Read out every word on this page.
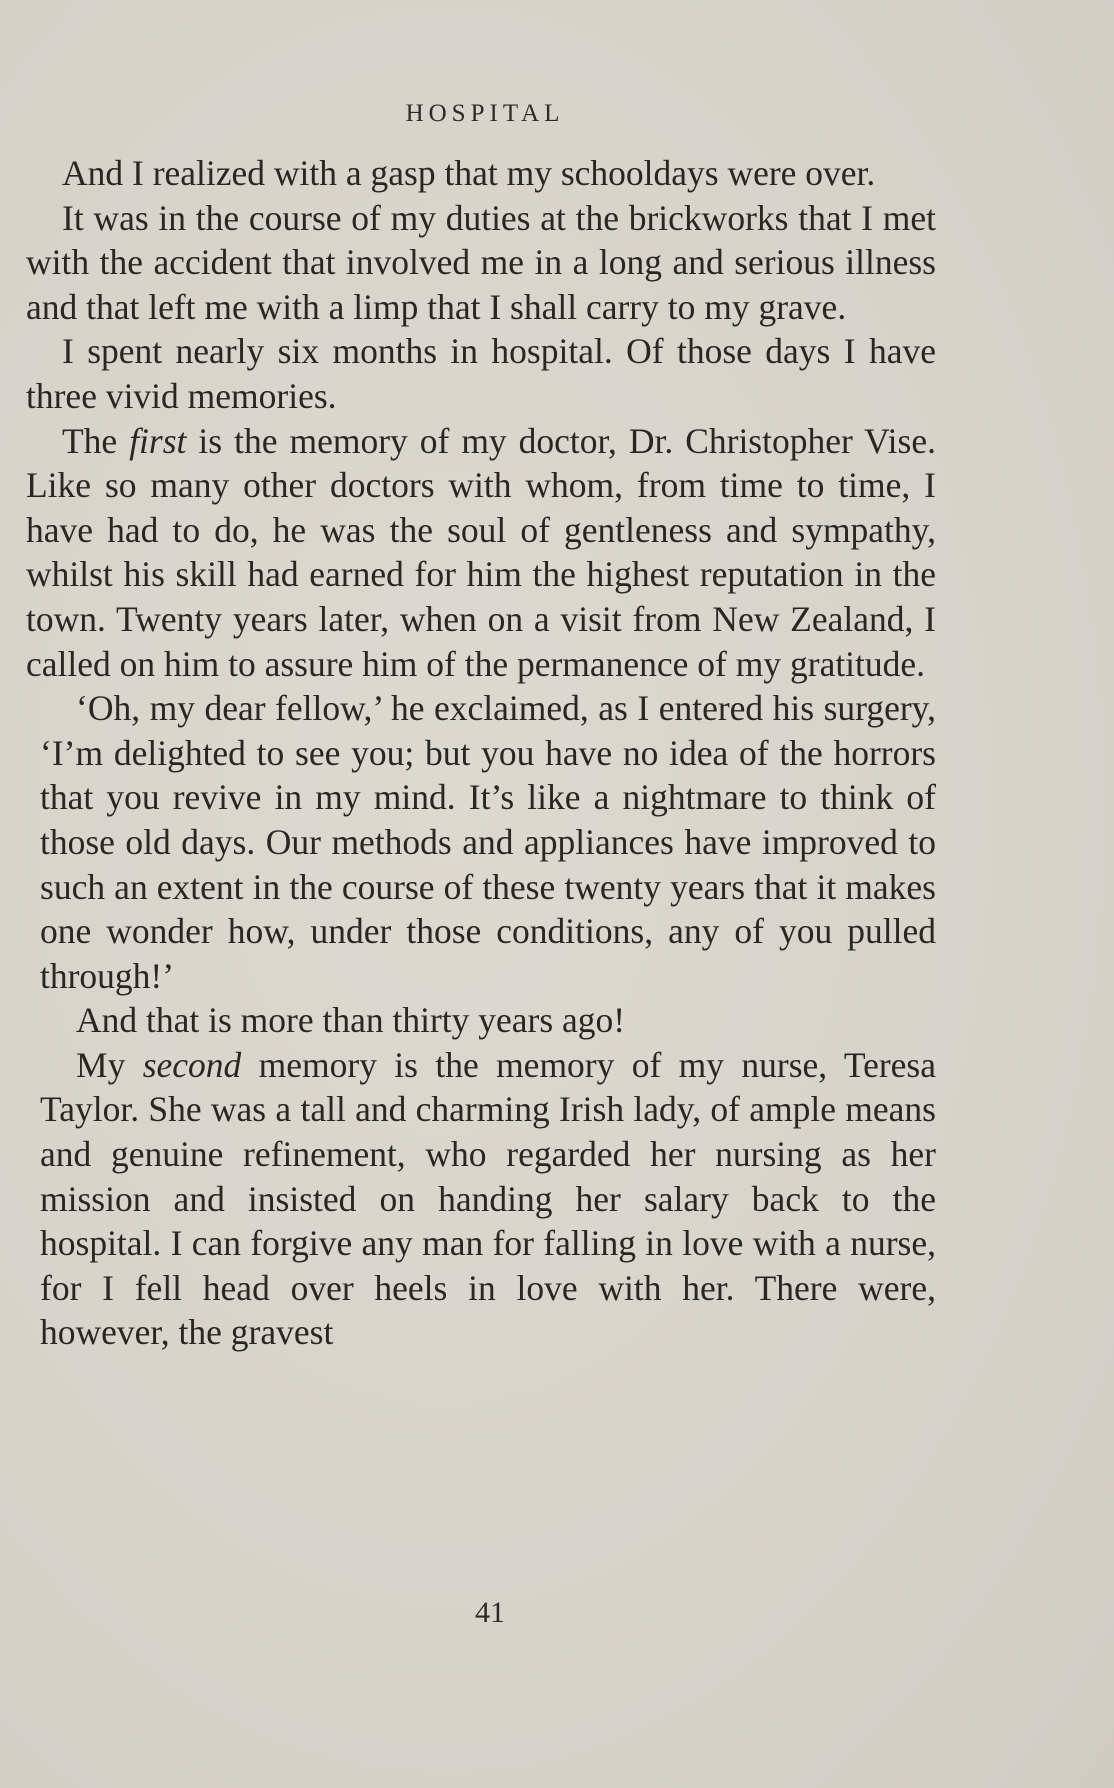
HOSPITAL

And I realized with a gasp that my schooldays were over.

It was in the course of my duties at the brickworks that I met with the accident that involved me in a long and serious illness and that left me with a limp that I shall carry to my grave.

I spent nearly six months in hospital. Of those days I have three vivid memories.

The first is the memory of my doctor, Dr. Christopher Vise. Like so many other doctors with whom, from time to time, I have had to do, he was the soul of gentleness and sympathy, whilst his skill had earned for him the highest reputation in the town. Twenty years later, when on a visit from New Zealand, I called on him to assure him of the permanence of my gratitude.

‘Oh, my dear fellow,’ he exclaimed, as I entered his surgery, ‘I’m delighted to see you; but you have no idea of the horrors that you revive in my mind. It’s like a nightmare to think of those old days. Our methods and appliances have improved to such an extent in the course of these twenty years that it makes one wonder how, under those conditions, any of you pulled through!’

And that is more than thirty years ago!

My second memory is the memory of my nurse, Teresa Taylor. She was a tall and charming Irish lady, of ample means and genuine refinement, who regarded her nursing as her mission and insisted on handing her salary back to the hospital. I can forgive any man for falling in love with a nurse, for I fell head over heels in love with her. There were, however, the gravest

41
